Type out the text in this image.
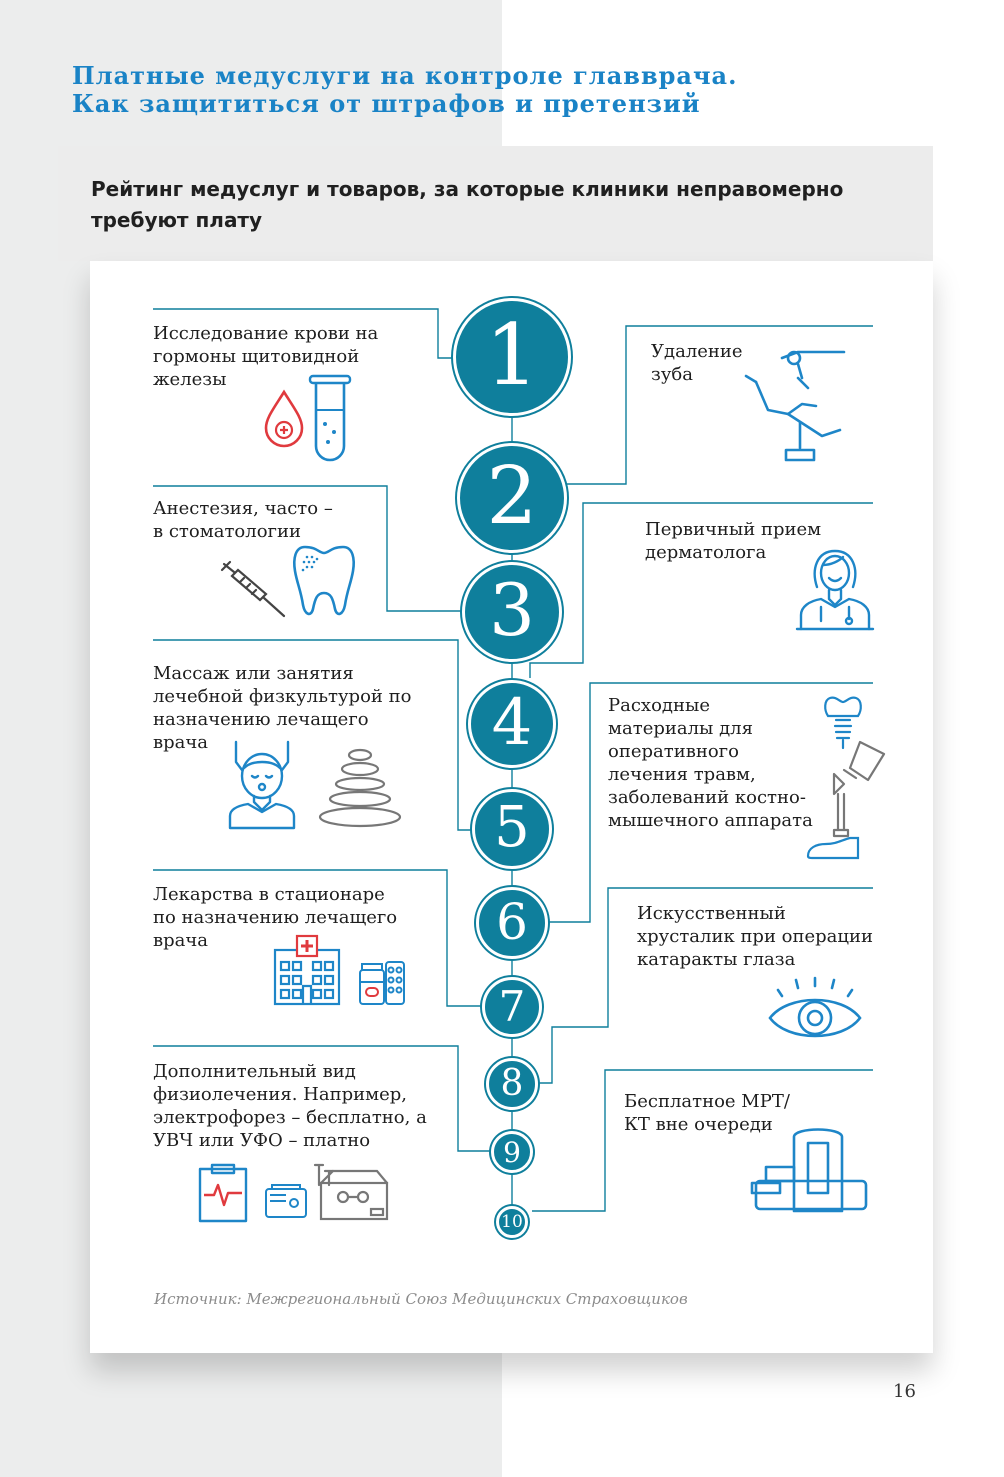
Платные медуслуги на контроле главврача.
Как защититься от штрафов и претензий
Рейтинг медуслуг и товаров, за которые клиники неправомерно требуют плату
1
2
3
4
5
6
7
8
9
10

Исследование крови на гормоны щитовидной железы

Удаление зуба

Анестезия, часто – в стоматологии	Первичный прием дерматолога

Массаж или занятия лечебной физкультурой по назначению лечащего врача

Расходные материалы для оперативного лечения травм, заболеваний костно-мышечного аппарата

Лекарства в стационаре по назначению лечащего врача

Искусственный хрусталик при операции катаракты глаза

Дополнительный вид физиолечения. Например, электрофорез – бесплатно, а УВЧ или УФО – платно

Бесплатное МРТ/КТ вне очереди

Источник: Межрегиональный Союз Медицинских Страховщиков

16
